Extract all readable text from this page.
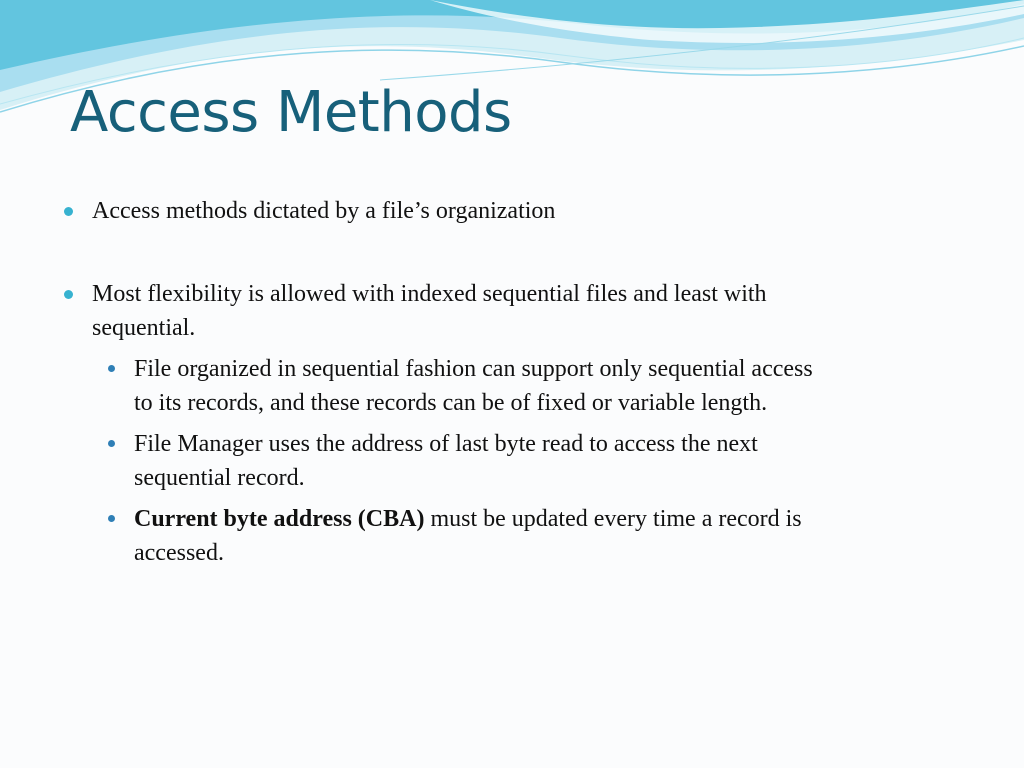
Access Methods
Access methods dictated by a file’s organization
Most flexibility is allowed with indexed sequential files and least with
sequential.
File organized in sequential fashion can support only sequential access
to its records, and these records can be of fixed or variable length.
File Manager uses the address of last byte read to access the next
sequential record.
Current byte address (CBA) must be updated every time a record is
accessed.
